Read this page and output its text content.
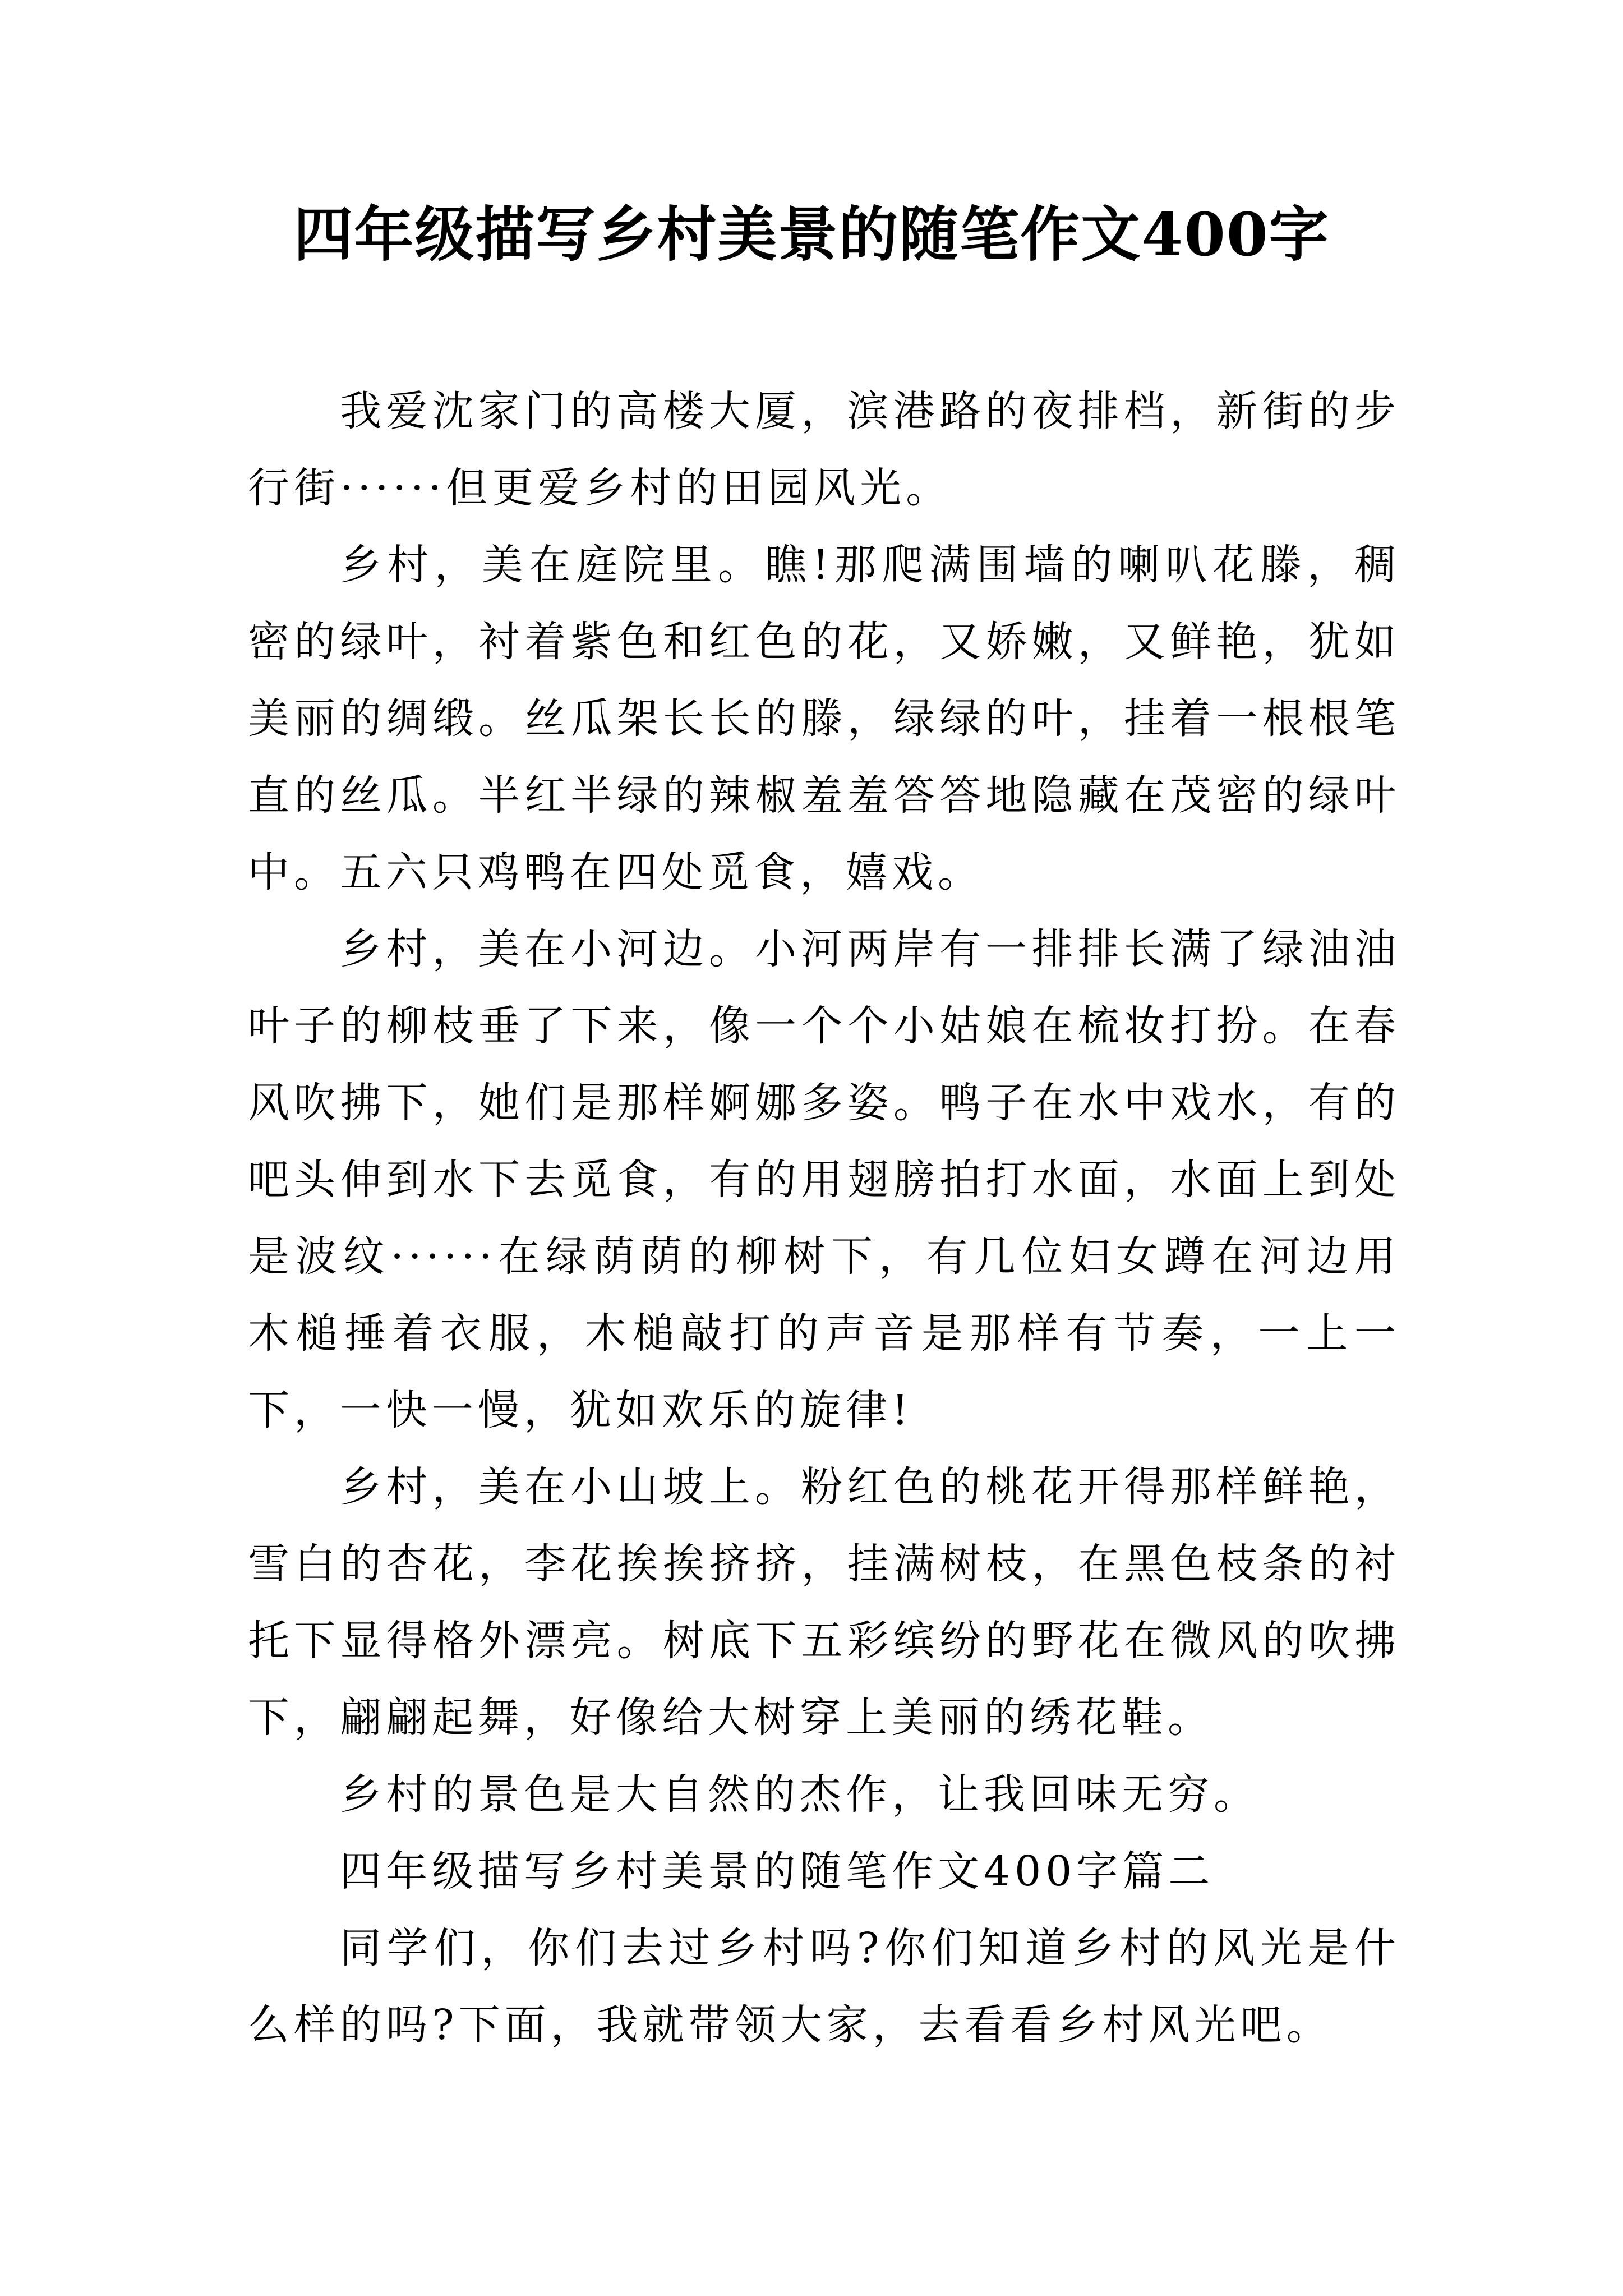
四年级描写乡村美景的随笔作文400字

我爱沈家门的高楼大厦，滨港路的夜排档，新街的步行街······但更爱乡村的田园风光。

乡村，美在庭院里。瞧!那爬满围墙的喇叭花滕，稠密的绿叶，衬着紫色和红色的花，又娇嫩，又鲜艳，犹如美丽的绸缎。丝瓜架长长的滕，绿绿的叶，挂着一根根笔直的丝瓜。半红半绿的辣椒羞羞答答地隐藏在茂密的绿叶中。五六只鸡鸭在四处觅食，嬉戏。

乡村，美在小河边。小河两岸有一排排长满了绿油油叶子的柳枝垂了下来，像一个个小姑娘在梳妆打扮。在春风吹拂下，她们是那样婀娜多姿。鸭子在水中戏水，有的吧头伸到水下去觅食，有的用翅膀拍打水面，水面上到处是波纹······在绿荫荫的柳树下，有几位妇女蹲在河边用木槌捶着衣服，木槌敲打的声音是那样有节奏，一上一下，一快一慢，犹如欢乐的旋律!

乡村，美在小山坡上。粉红色的桃花开得那样鲜艳，雪白的杏花，李花挨挨挤挤，挂满树枝，在黑色枝条的衬托下显得格外漂亮。树底下五彩缤纷的野花在微风的吹拂下，翩翩起舞，好像给大树穿上美丽的绣花鞋。

乡村的景色是大自然的杰作，让我回味无穷。

四年级描写乡村美景的随笔作文400字篇二

同学们，你们去过乡村吗?你们知道乡村的风光是什么样的吗?下面，我就带领大家，去看看乡村风光吧。
